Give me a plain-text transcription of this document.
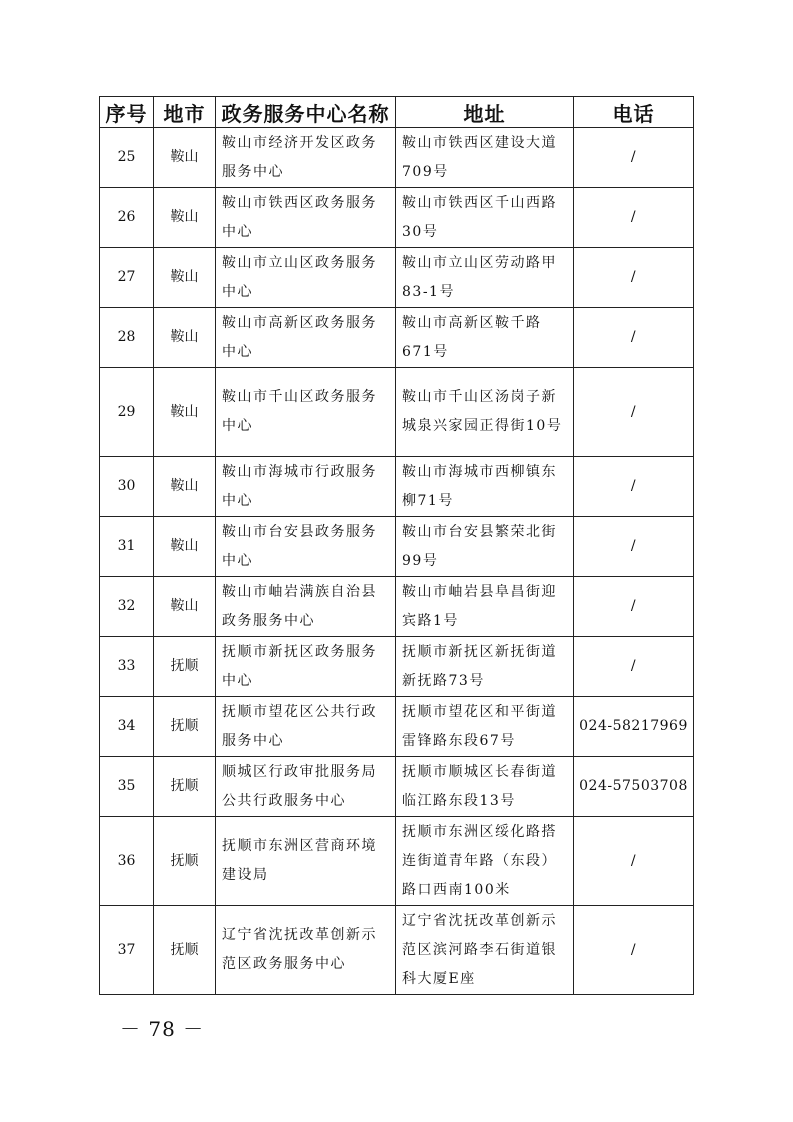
序号	地市	政务服务中心名称	地址	电话
25	鞍山	鞍山市经济开发区政务服务中心	鞍山市铁西区建设大道709号	/
26	鞍山	鞍山市铁西区政务服务中心	鞍山市铁西区千山西路30号	/
27	鞍山	鞍山市立山区政务服务中心	鞍山市立山区劳动路甲83-1号	/
28	鞍山	鞍山市高新区政务服务中心	鞍山市高新区鞍千路671号	/
29	鞍山	鞍山市千山区政务服务中心	鞍山市千山区汤岗子新城泉兴家园正得街10号	/
30	鞍山	鞍山市海城市行政服务中心	鞍山市海城市西柳镇东柳71号	/
31	鞍山	鞍山市台安县政务服务中心	鞍山市台安县繁荣北街99号	/
32	鞍山	鞍山市岫岩满族自治县政务服务中心	鞍山市岫岩县阜昌街迎宾路1号	/
33	抚顺	抚顺市新抚区政务服务中心	抚顺市新抚区新抚街道新抚路73号	/
34	抚顺	抚顺市望花区公共行政服务中心	抚顺市望花区和平街道雷锋路东段67号	024-58217969
35	抚顺	顺城区行政审批服务局公共行政服务中心	抚顺市顺城区长春街道临江路东段13号	024-57503708
36	抚顺	抚顺市东洲区营商环境建设局	抚顺市东洲区绥化路搭连街道青年路（东段）路口西南100米	/
37	抚顺	辽宁省沈抚改革创新示范区政务服务中心	辽宁省沈抚改革创新示范区滨河路李石街道银科大厦E座	/
－ 78 －
